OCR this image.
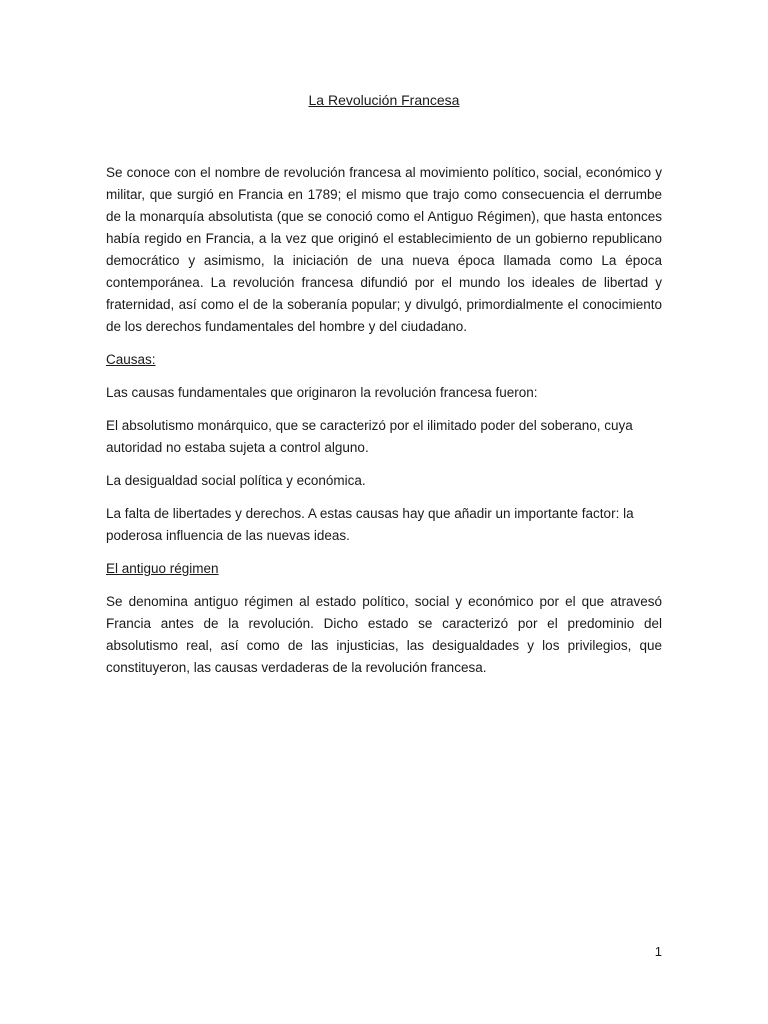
La Revolución Francesa

Se conoce con el nombre de revolución francesa al movimiento político, social, económico y militar, que surgió en Francia en 1789; el mismo que trajo como consecuencia el derrumbe de la monarquía absolutista (que se conoció como el Antiguo Régimen), que hasta entonces había regido en Francia, a la vez que originó el establecimiento de un gobierno republicano democrático y asimismo, la iniciación de una nueva época llamada como La época contemporánea. La revolución francesa difundió por el mundo los ideales de libertad y fraternidad, así como el de la soberanía popular; y divulgó, primordialmente el conocimiento de los derechos fundamentales del hombre y del ciudadano.

Causas:

Las causas fundamentales que originaron la revolución francesa fueron:

El absolutismo monárquico, que se caracterizó por el ilimitado poder del soberano, cuya autoridad no estaba sujeta a control alguno.

La desigualdad social política y económica.

La falta de libertades y derechos. A estas causas hay que añadir un importante factor: la poderosa influencia de las nuevas ideas.

El antiguo régimen

Se denomina antiguo régimen al estado político, social y económico por el que atravesó Francia antes de la revolución. Dicho estado se caracterizó por el predominio del absolutismo real, así como de las injusticias, las desigualdades y los privilegios, que constituyeron, las causas verdaderas de la revolución francesa.

1
